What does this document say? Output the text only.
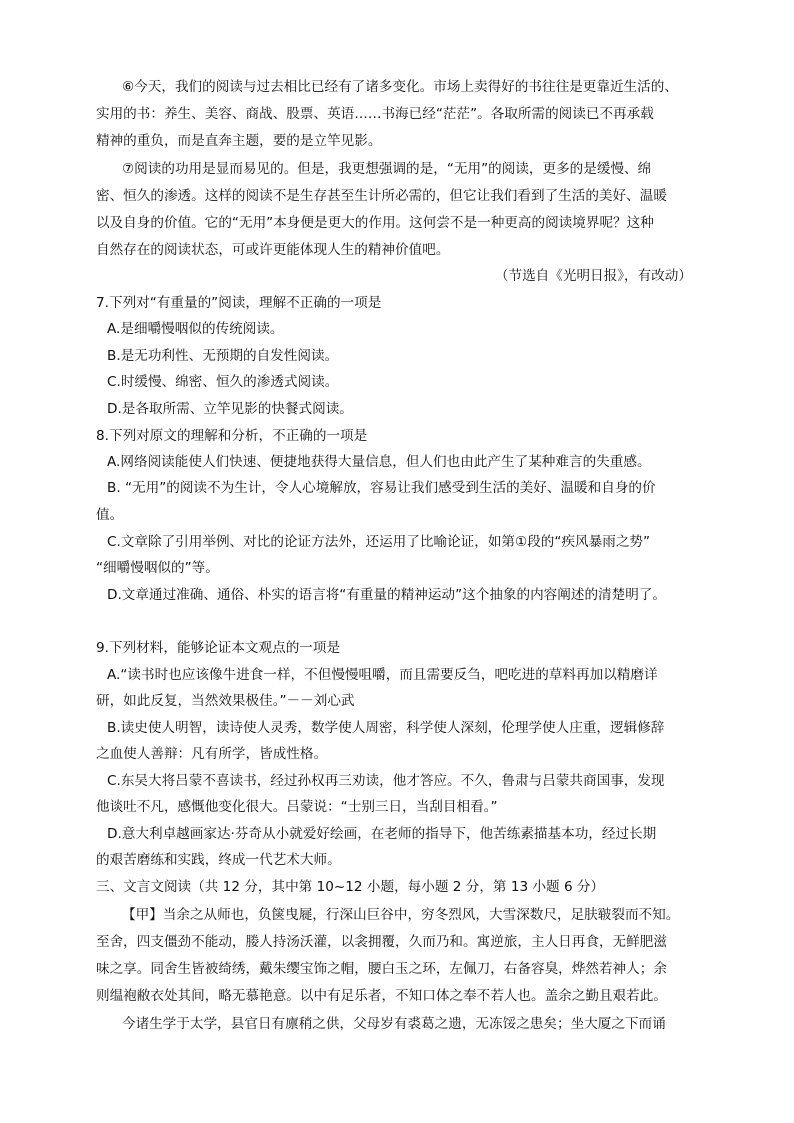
⑥今天，我们的阅读与过去相比已经有了诸多变化。市场上卖得好的书往往是更靠近生活的、
实用的书：养生、美容、商战、股票、英语……书海已经“茫茫”。各取所需的阅读已不再承载
精神的重负，而是直奔主题，要的是立竿见影。
⑦阅读的功用是显而易见的。但是，我更想强调的是，“无用”的阅读，更多的是缓慢、绵
密、恒久的渗透。这样的阅读不是生存甚至生计所必需的，但它让我们看到了生活的美好、温暖
以及自身的价值。它的“无用”本身便是更大的作用。这何尝不是一种更高的阅读境界呢？这种
自然存在的阅读状态，可或许更能体现人生的精神价值吧。
（节选自《光明日报》，有改动）
7.下列对“有重量的”阅读，理解不正确的一项是
A.是细嚼慢咽似的传统阅读。
B.是无功利性、无预期的自发性阅读。
C.时缓慢、绵密、恒久的渗透式阅读。
D.是各取所需、立竿见影的快餐式阅读。
8.下列对原文的理解和分析，不正确的一项是
A.网络阅读能使人们快速、便捷地获得大量信息，但人们也由此产生了某种难言的失重感。
B. “无用”的阅读不为生计，令人心境解放，容易让我们感受到生活的美好、温暖和自身的价
值。
C.文章除了引用举例、对比的论证方法外，还运用了比喻论证，如第①段的“疾风暴雨之势”
“细嚼慢咽似的”等。
D.文章通过准确、通俗、朴实的语言将“有重量的精神运动”这个抽象的内容阐述的清楚明了。
9.下列材料，能够论证本文观点的一项是
A.“读书时也应该像牛进食一样，不但慢慢咀嚼，而且需要反刍，吧吃进的草料再加以精磨详
研，如此反复，当然效果极佳。”－－刘心武
B.读史使人明智，读诗使人灵秀，数学使人周密，科学使人深刻，伦理学使人庄重，逻辑修辞
之血使人善辩：凡有所学，皆成性格。
C.东吴大将吕蒙不喜读书，经过孙权再三劝读，他才答应。不久，鲁肃与吕蒙共商国事，发现
他谈吐不凡，感慨他变化很大。吕蒙说：“士别三日，当刮目相看。”
D.意大利卓越画家达·芬奇从小就爱好绘画，在老师的指导下，他苦练素描基本功，经过长期
的艰苦磨练和实践，终成一代艺术大师。
三、文言文阅读（共 12 分，其中第 10~12 小题，每小题 2 分，第 13 小题 6 分）
【甲】当余之从师也，负箧曳屣，行深山巨谷中，穷冬烈风，大雪深数尺，足肤皲裂而不知。
至舍，四支僵劲不能动，媵人持汤沃灌，以衾拥覆，久而乃和。寓逆旅，主人日再食，无鲜肥滋
味之享。同舍生皆被绮绣，戴朱缨宝饰之帽，腰白玉之环，左佩刀，右备容臭，烨然若神人；余
则缊袍敝衣处其间，略无慕艳意。以中有足乐者，不知口体之奉不若人也。盖余之勤且艰若此。
今诸生学于太学，县官日有廪稍之供，父母岁有裘葛之遗，无冻馁之患矣；坐大厦之下而诵
